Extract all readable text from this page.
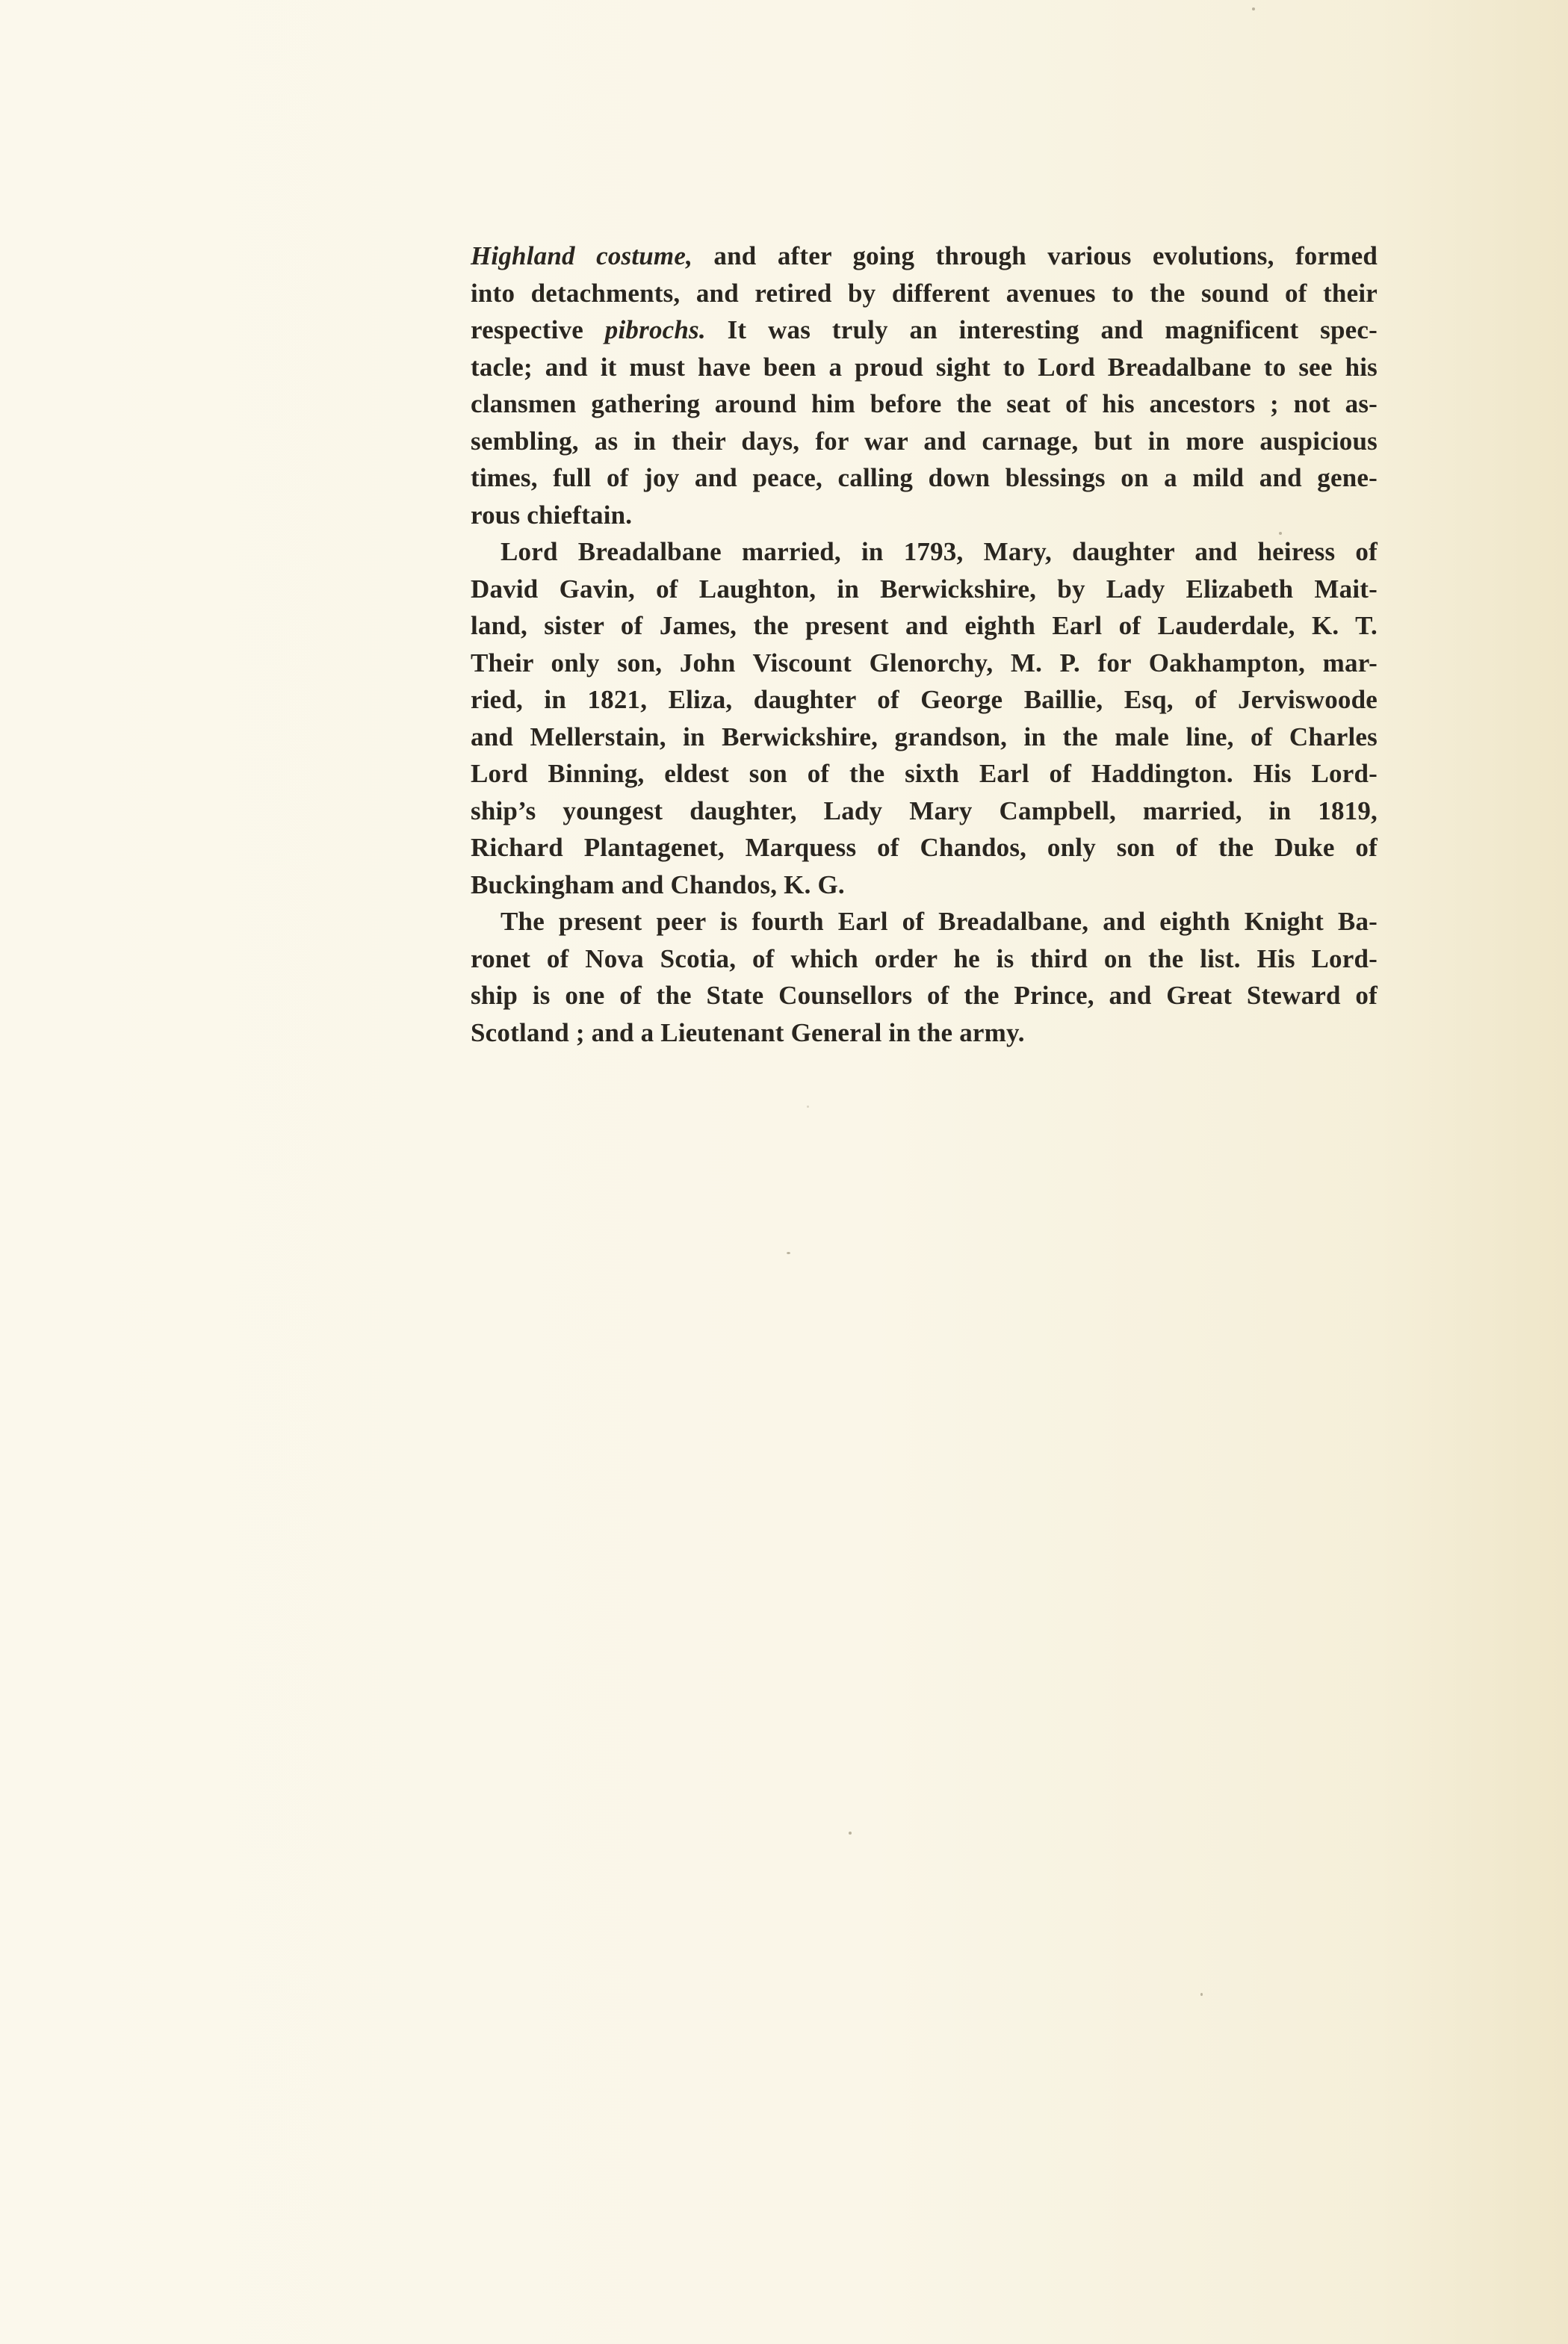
Highland costume, and after going through various evolutions, formed
into detachments, and retired by different avenues to the sound of their
respective pibrochs. It was truly an interesting and magnificent spec-
tacle; and it must have been a proud sight to Lord Breadalbane to see his
clansmen gathering around him before the seat of his ancestors ; not as-
sembling, as in their days, for war and carnage, but in more auspicious
times, full of joy and peace, calling down blessings on a mild and gene-
rous chieftain.
Lord Breadalbane married, in 1793, Mary, daughter and heiress of
David Gavin, of Laughton, in Berwickshire, by Lady Elizabeth Mait-
land, sister of James, the present and eighth Earl of Lauderdale, K. T.
Their only son, John Viscount Glenorchy, M. P. for Oakhampton, mar-
ried, in 1821, Eliza, daughter of George Baillie, Esq, of Jerviswoode
and Mellerstain, in Berwickshire, grandson, in the male line, of Charles
Lord Binning, eldest son of the sixth Earl of Haddington. His Lord-
ship’s youngest daughter, Lady Mary Campbell, married, in 1819,
Richard Plantagenet, Marquess of Chandos, only son of the Duke of
Buckingham and Chandos, K. G.
The present peer is fourth Earl of Breadalbane, and eighth Knight Ba-
ronet of Nova Scotia, of which order he is third on the list. His Lord-
ship is one of the State Counsellors of the Prince, and Great Steward of
Scotland ; and a Lieutenant General in the army.
